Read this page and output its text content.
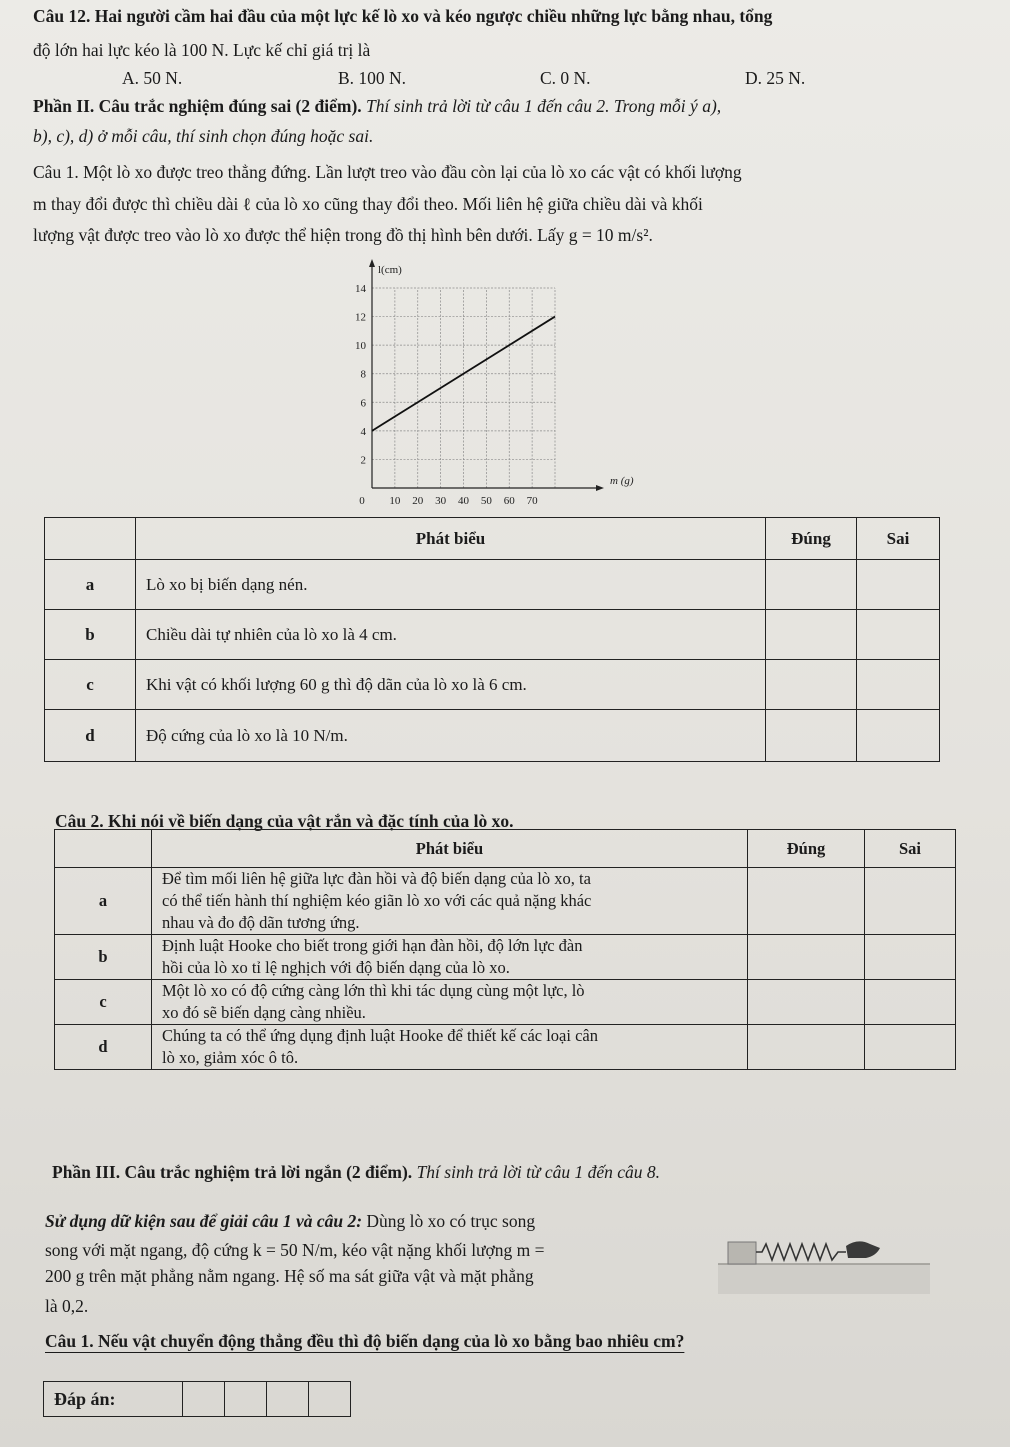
Câu 12. Hai người cầm hai đầu của một lực kế lò xo và kéo ngược chiều những lực bằng nhau, tổng
độ lớn hai lực kéo là 100 N. Lực kế chỉ giá trị là
A. 50 N.	B. 100 N.	C. 0 N.	D. 25 N.
Phần II. Câu trắc nghiệm đúng sai (2 điểm). Thí sinh trả lời từ câu 1 đến câu 2. Trong mỗi ý a),
b), c), d) ở mỗi câu, thí sinh chọn đúng hoặc sai.
Câu 1. Một lò xo được treo thẳng đứng. Lần lượt treo vào đầu còn lại của lò xo các vật có khối lượng
m thay đổi được thì chiều dài ℓ của lò xo cũng thay đổi theo. Mối liên hệ giữa chiều dài và khối
lượng vật được treo vào lò xo được thể hiện trong đồ thị hình bên dưới. Lấy g = 10 m/s².
l(cm)
m (g)
2
4
6
8
10
12
14
0 10 20 30 40 50 60 70
	Phát biểu	Đúng	Sai
a	Lò xo bị biến dạng nén.		
b	Chiều dài tự nhiên của lò xo là 4 cm.		
c	Khi vật có khối lượng 60 g thì độ dãn của lò xo là 6 cm.		
d	Độ cứng của lò xo là 10 N/m.		
Câu 2. Khi nói về biến dạng của vật rắn và đặc tính của lò xo.
	Phát biểu	Đúng	Sai
a	Để tìm mối liên hệ giữa lực đàn hồi và độ biến dạng của lò xo, ta
có thể tiến hành thí nghiệm kéo giãn lò xo với các quả nặng khác
nhau và đo độ dãn tương ứng.		

b	Định luật Hooke cho biết trong giới hạn đàn hồi, độ lớn lực đàn
hồi của lò xo tỉ lệ nghịch với độ biến dạng của lò xo.		

c	Một lò xo có độ cứng càng lớn thì khi tác dụng cùng một lực, lò
xo đó sẽ biến dạng càng nhiều.		

d	Chúng ta có thể ứng dụng định luật Hooke để thiết kế các loại cân
lò xo, giảm xóc ô tô.		

Phần III. Câu trắc nghiệm trả lời ngắn (2 điểm). Thí sinh trả lời từ câu 1 đến câu 8.
Sử dụng dữ kiện sau để giải câu 1 và câu 2: Dùng lò xo có trục song
song với mặt ngang, độ cứng k = 50 N/m, kéo vật nặng khối lượng m =
200 g trên mặt phẳng nằm ngang. Hệ số ma sát giữa vật và mặt phẳng
là 0,2.
Câu 1. Nếu vật chuyển động thẳng đều thì độ biến dạng của lò xo bằng bao nhiêu cm?
Đáp án:
